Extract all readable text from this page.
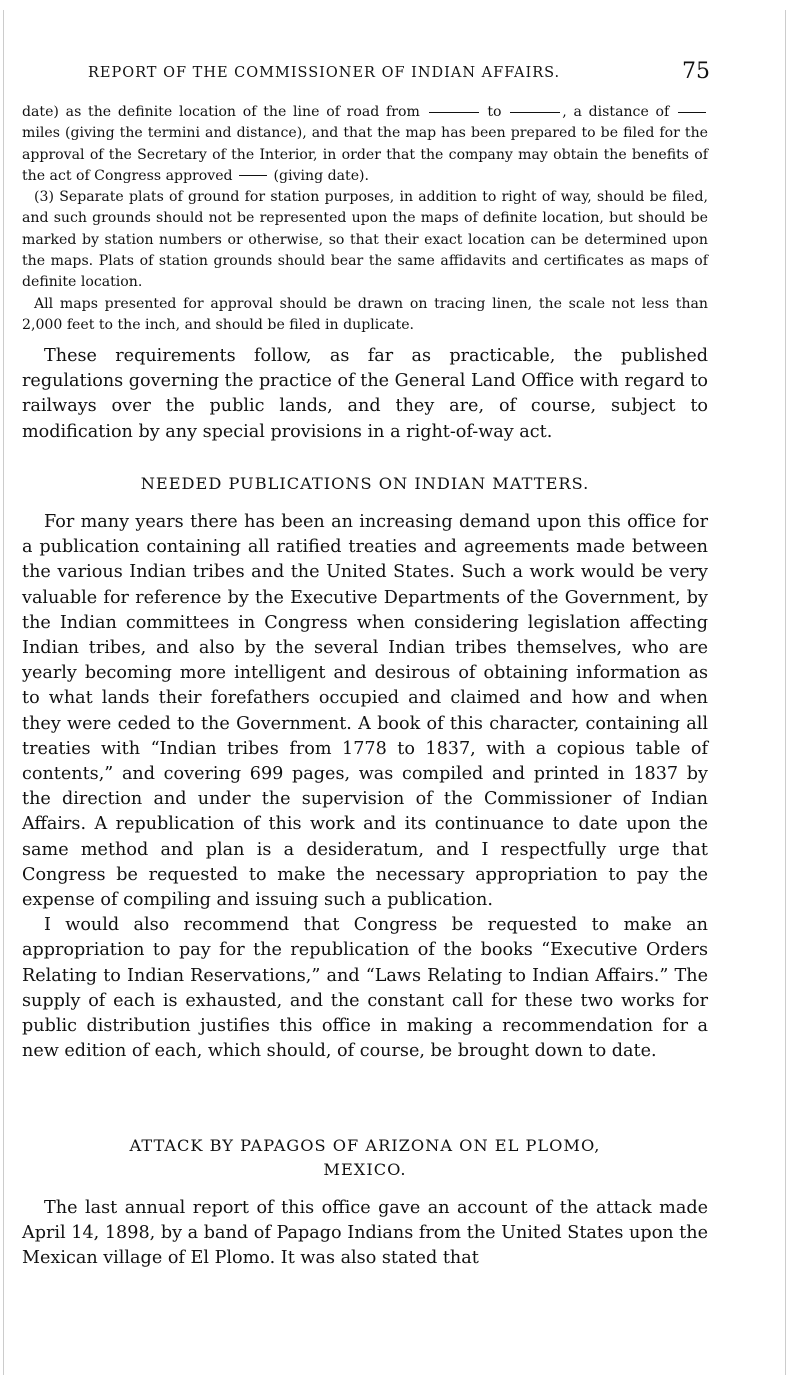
REPORT OF THE COMMISSIONER OF INDIAN AFFAIRS.	75

date) as the definite location of the line of road from	to	, a distance of  miles (giving the termini and distance), and that the map has been prepared to be filed for the approval of the Secretary of the Interior, in order that the company may obtain the benefits of the act of Congress approved	(giving date).

(3) Separate plats of ground for station purposes, in addition to right of way, should be filed, and such grounds should not be represented upon the maps of definite location, but should be marked by station numbers or otherwise, so that their exact location can be determined upon the maps. Plats of station grounds should bear the same affidavits and certificates as maps of definite location.

All maps presented for approval should be drawn on tracing linen, the scale not less than 2,000 feet to the inch, and should be filed in duplicate.

These requirements follow, as far as practicable, the published regulations governing the practice of the General Land Office with regard to railways over the public lands, and they are, of course, subject to modification by any special provisions in a right-of-way act.

NEEDED PUBLICATIONS ON INDIAN MATTERS.

For many years there has been an increasing demand upon this office for a publication containing all ratified treaties and agreements made between the various Indian tribes and the United States. Such a work would be very valuable for reference by the Executive Departments of the Government, by the Indian committees in Congress when considering legislation affecting Indian tribes, and also by the several Indian tribes themselves, who are yearly becoming more intelligent and desirous of obtaining information as to what lands their forefathers occupied and claimed and how and when they were ceded to the Government. A book of this character, containing all treaties with “Indian tribes from 1778 to 1837, with a copious table of contents,” and covering 699 pages, was compiled and printed in 1837 by the direction and under the supervision of the Commissioner of Indian Affairs. A republication of this work and its continuance to date upon the same method and plan is a desideratum, and I respectfully urge that Congress be requested to make the necessary appropriation to pay the expense of compiling and issuing such a publication.

I would also recommend that Congress be requested to make an appropriation to pay for the republication of the books “Executive Orders Relating to Indian Reservations,” and “Laws Relating to Indian Affairs.” The supply of each is exhausted, and the constant call for these two works for public distribution justifies this office in making a recommendation for a new edition of each, which should, of course, be brought down to date.

ATTACK BY PAPAGOS OF ARIZONA ON EL PLOMO,
MEXICO.

The last annual report of this office gave an account of the attack made April 14, 1898, by a band of Papago Indians from the United States upon the Mexican village of El Plomo. It was also stated that
